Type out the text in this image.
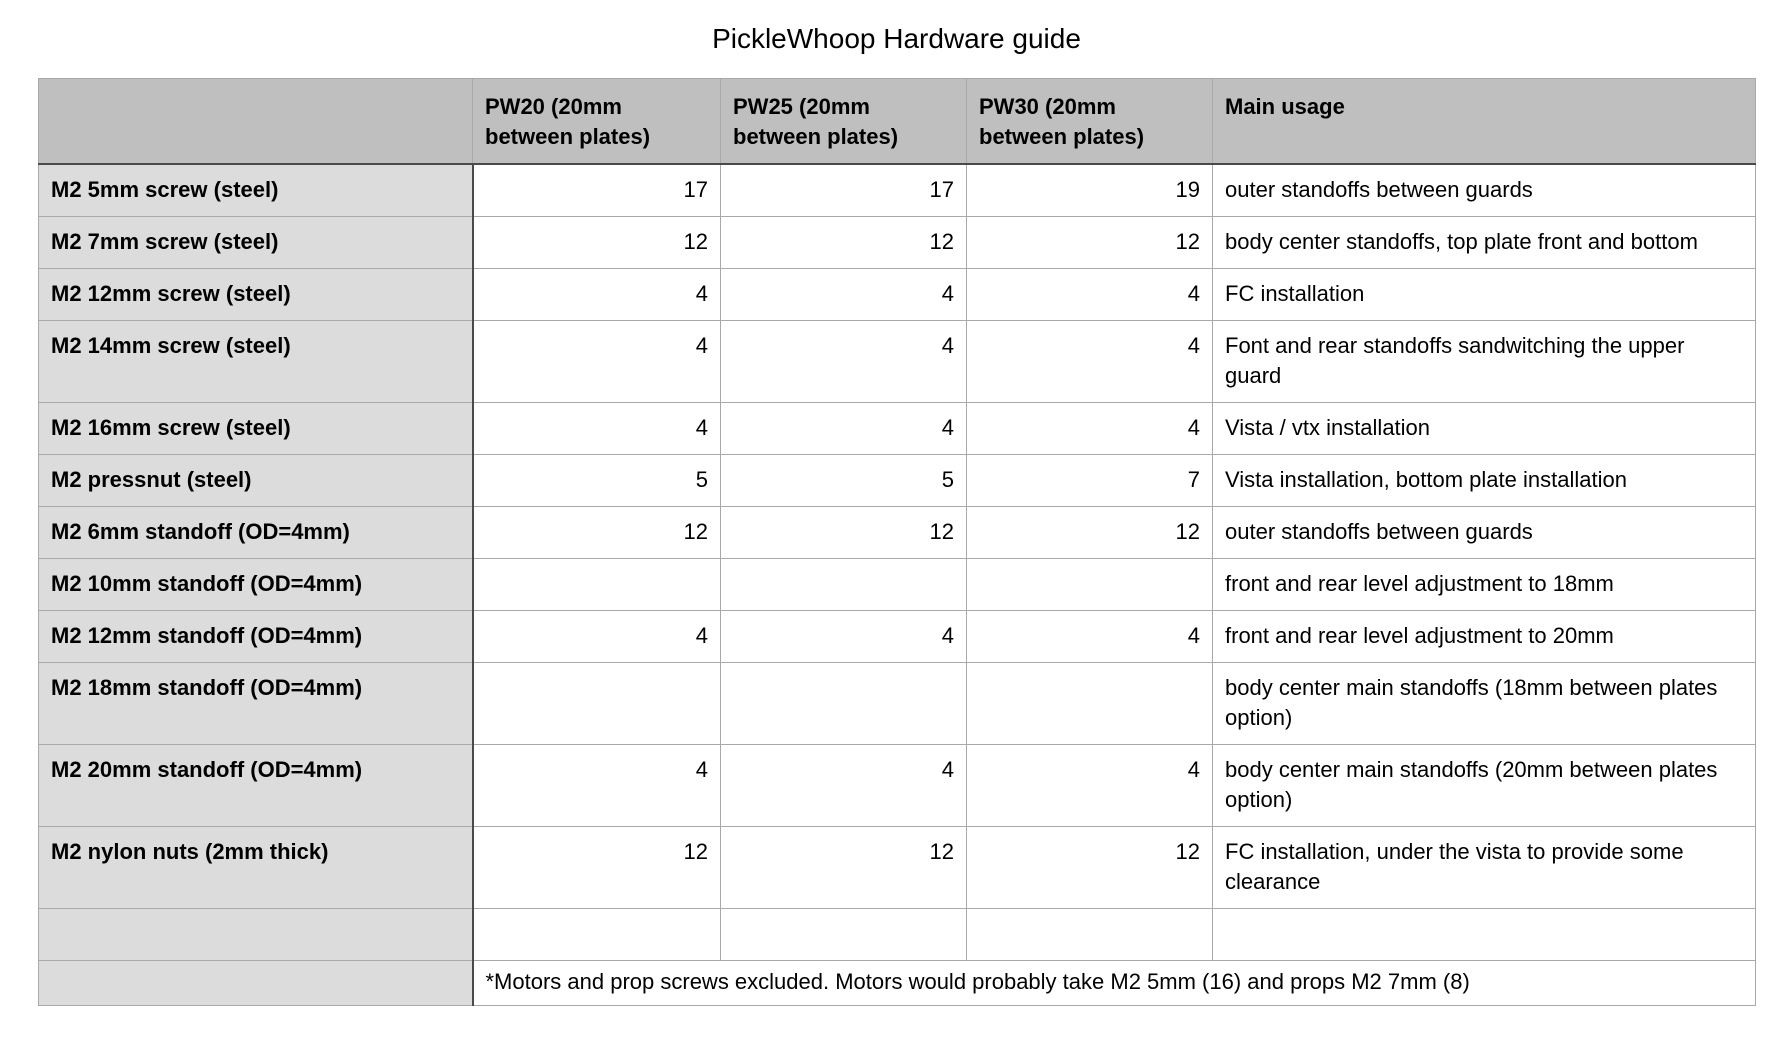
PickleWhoop Hardware guide
	PW20 (20mm between plates)	PW25 (20mm between plates)	PW30 (20mm between plates)	Main usage
M2 5mm screw (steel)	17	17	19	outer standoffs between guards
M2 7mm screw (steel)	12	12	12	body center standoffs, top plate front and bottom
M2 12mm screw (steel)	4	4	4	FC installation
M2 14mm screw (steel)	4	4	4	Font and rear standoffs sandwitching the upper guard
M2 16mm screw (steel)	4	4	4	Vista / vtx installation
M2 pressnut (steel)	5	5	7	Vista installation, bottom plate installation
M2 6mm standoff (OD=4mm)	12	12	12	outer standoffs between guards
M2 10mm standoff (OD=4mm)				front and rear level adjustment to 18mm
M2 12mm standoff (OD=4mm)	4	4	4	front and rear level adjustment to 20mm
M2 18mm standoff (OD=4mm)				body center main standoffs (18mm between plates option)
M2 20mm standoff (OD=4mm)	4	4	4	body center main standoffs (20mm between plates option)
M2 nylon nuts (2mm thick)	12	12	12	FC installation, under the vista to provide some clearance

	*Motors and prop screws excluded. Motors would probably take M2 5mm (16) and props M2 7mm (8)			
